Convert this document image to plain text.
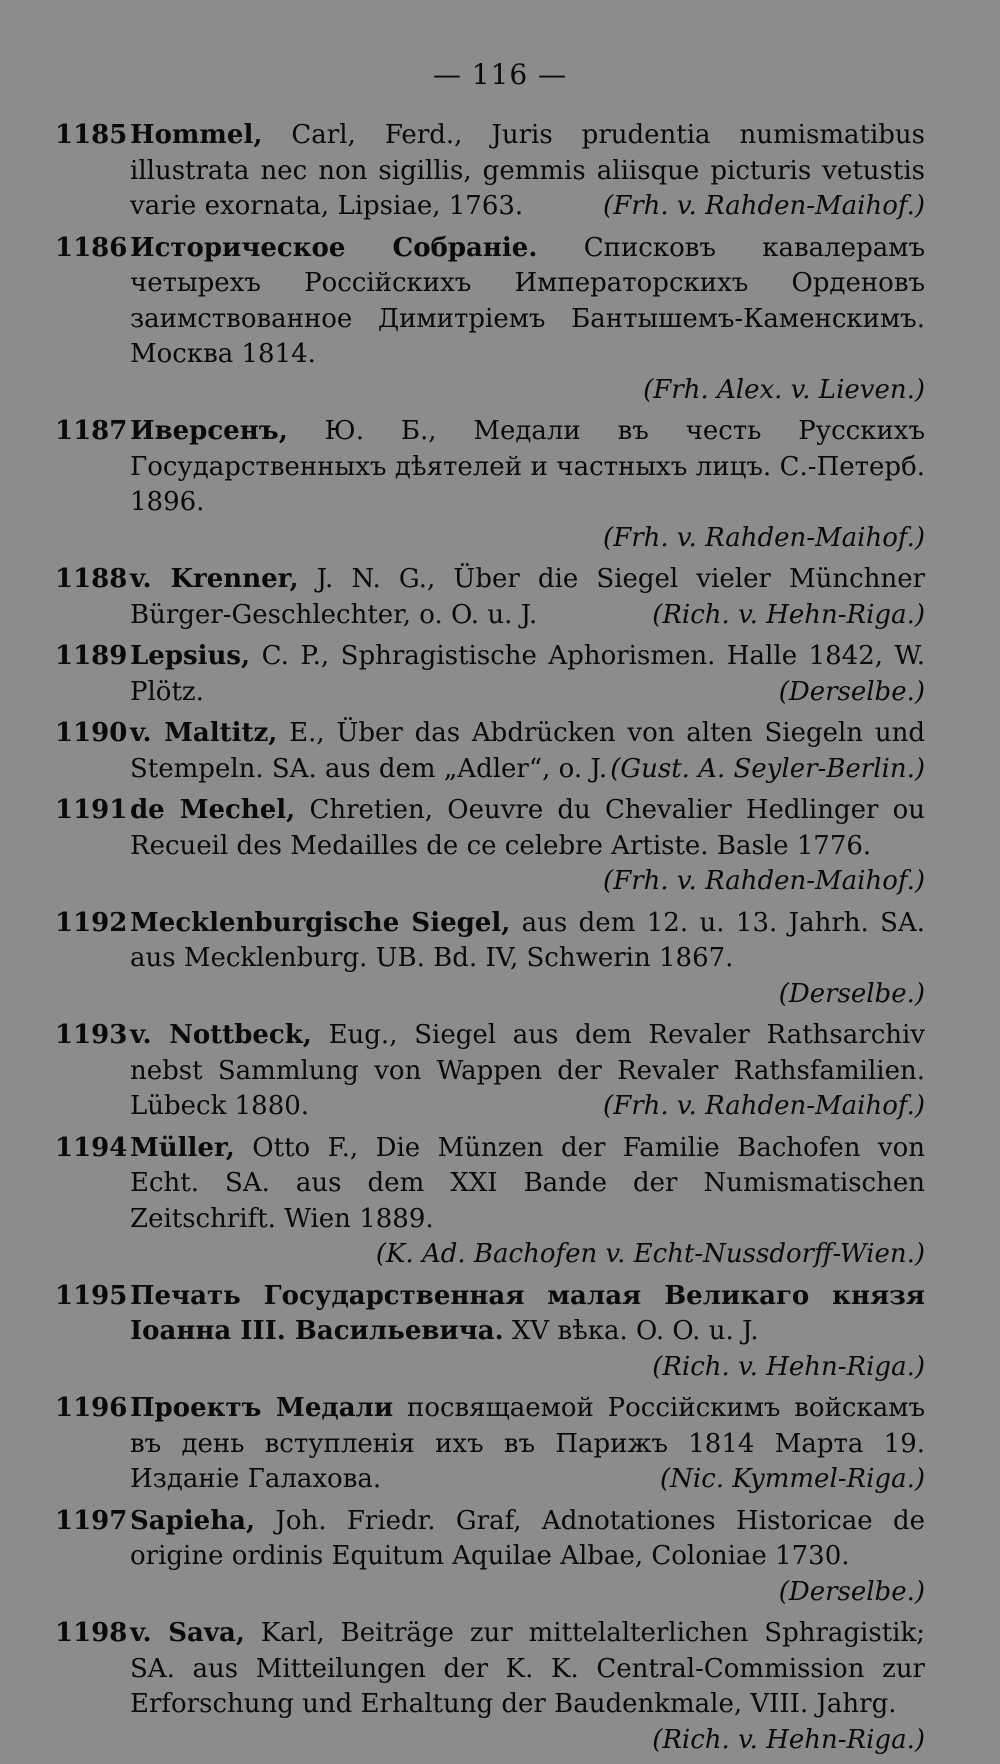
— 116 —
1185 Hommel, Carl, Ferd., Juris prudentia numismatibus illustrata nec non sigillis, gemmis aliisque picturis vetustis varie exornata, Lipsiae, 1763.	(Frh. v. Rahden-Maihof.)
1186 Историческое Собраніе. Списковъ кавалерамъ четырехъ Россійскихъ Императорскихъ Орденовъ заимствованное Димитріемъ Бантышемъ-Каменскимъ. Москва 1814.
(Frh. Alex. v. Lieven.)
1187 Иверсенъ, Ю. Б., Медали въ честь Русскихъ Государственныхъ дѣятелей и частныхъ лицъ. С.-Петерб. 1896.
(Frh. v. Rahden-Maihof.)
1188 v. Krenner, J. N. G., Über die Siegel vieler Münchner Bürger-Geschlechter, o. O. u. J.	(Rich. v. Hehn-Riga.)
1189 Lepsius, C. P., Sphragistische Aphorismen. Halle 1842, W. Plötz.	(Derselbe.)
1190 v. Maltitz, E., Über das Abdrücken von alten Siegeln und Stempeln. SA. aus dem „Adler“, o. J. (Gust. A. Seyler-Berlin.)
1191 de Mechel, Chretien, Oeuvre du Chevalier Hedlinger ou Recueil des Medailles de ce celebre Artiste. Basle 1776.
(Frh. v. Rahden-Maihof.)
1192 Mecklenburgische Siegel, aus dem 12. u. 13. Jahrh. SA. aus Mecklenburg. UB. Bd. IV, Schwerin 1867.
(Derselbe.)
1193 v. Nottbeck, Eug., Siegel aus dem Revaler Rathsarchiv nebst Sammlung von Wappen der Revaler Rathsfamilien. Lübeck 1880.	(Frh. v. Rahden-Maihof.)
1194 Müller, Otto F., Die Münzen der Familie Bachofen von Echt. SA. aus dem XXI Bande der Numismatischen Zeitschrift. Wien 1889.
(K. Ad. Bachofen v. Echt-Nussdorff-Wien.)
1195 Печать Государственная малая Великаго князя Іоанна III. Васильевича. XV вѣка. O. O. u. J.
(Rich. v. Hehn-Riga.)
1196 Проектъ Медали посвящаемой Россійскимъ войскамъ въ день вступленія ихъ въ Парижъ 1814 Марта 19. Изданіе Галахова.	(Nic. Kymmel-Riga.)
1197 Sapieha, Joh. Friedr. Graf, Adnotationes Historicae de origine ordinis Equitum Aquilae Albae, Coloniae 1730.
(Derselbe.)
1198 v. Sava, Karl, Beiträge zur mittelalterlichen Sphragistik; SA. aus Mitteilungen der K. K. Central-Commission zur Erforschung und Erhaltung der Baudenkmale, VIII. Jahrg.
(Rich. v. Hehn-Riga.)
